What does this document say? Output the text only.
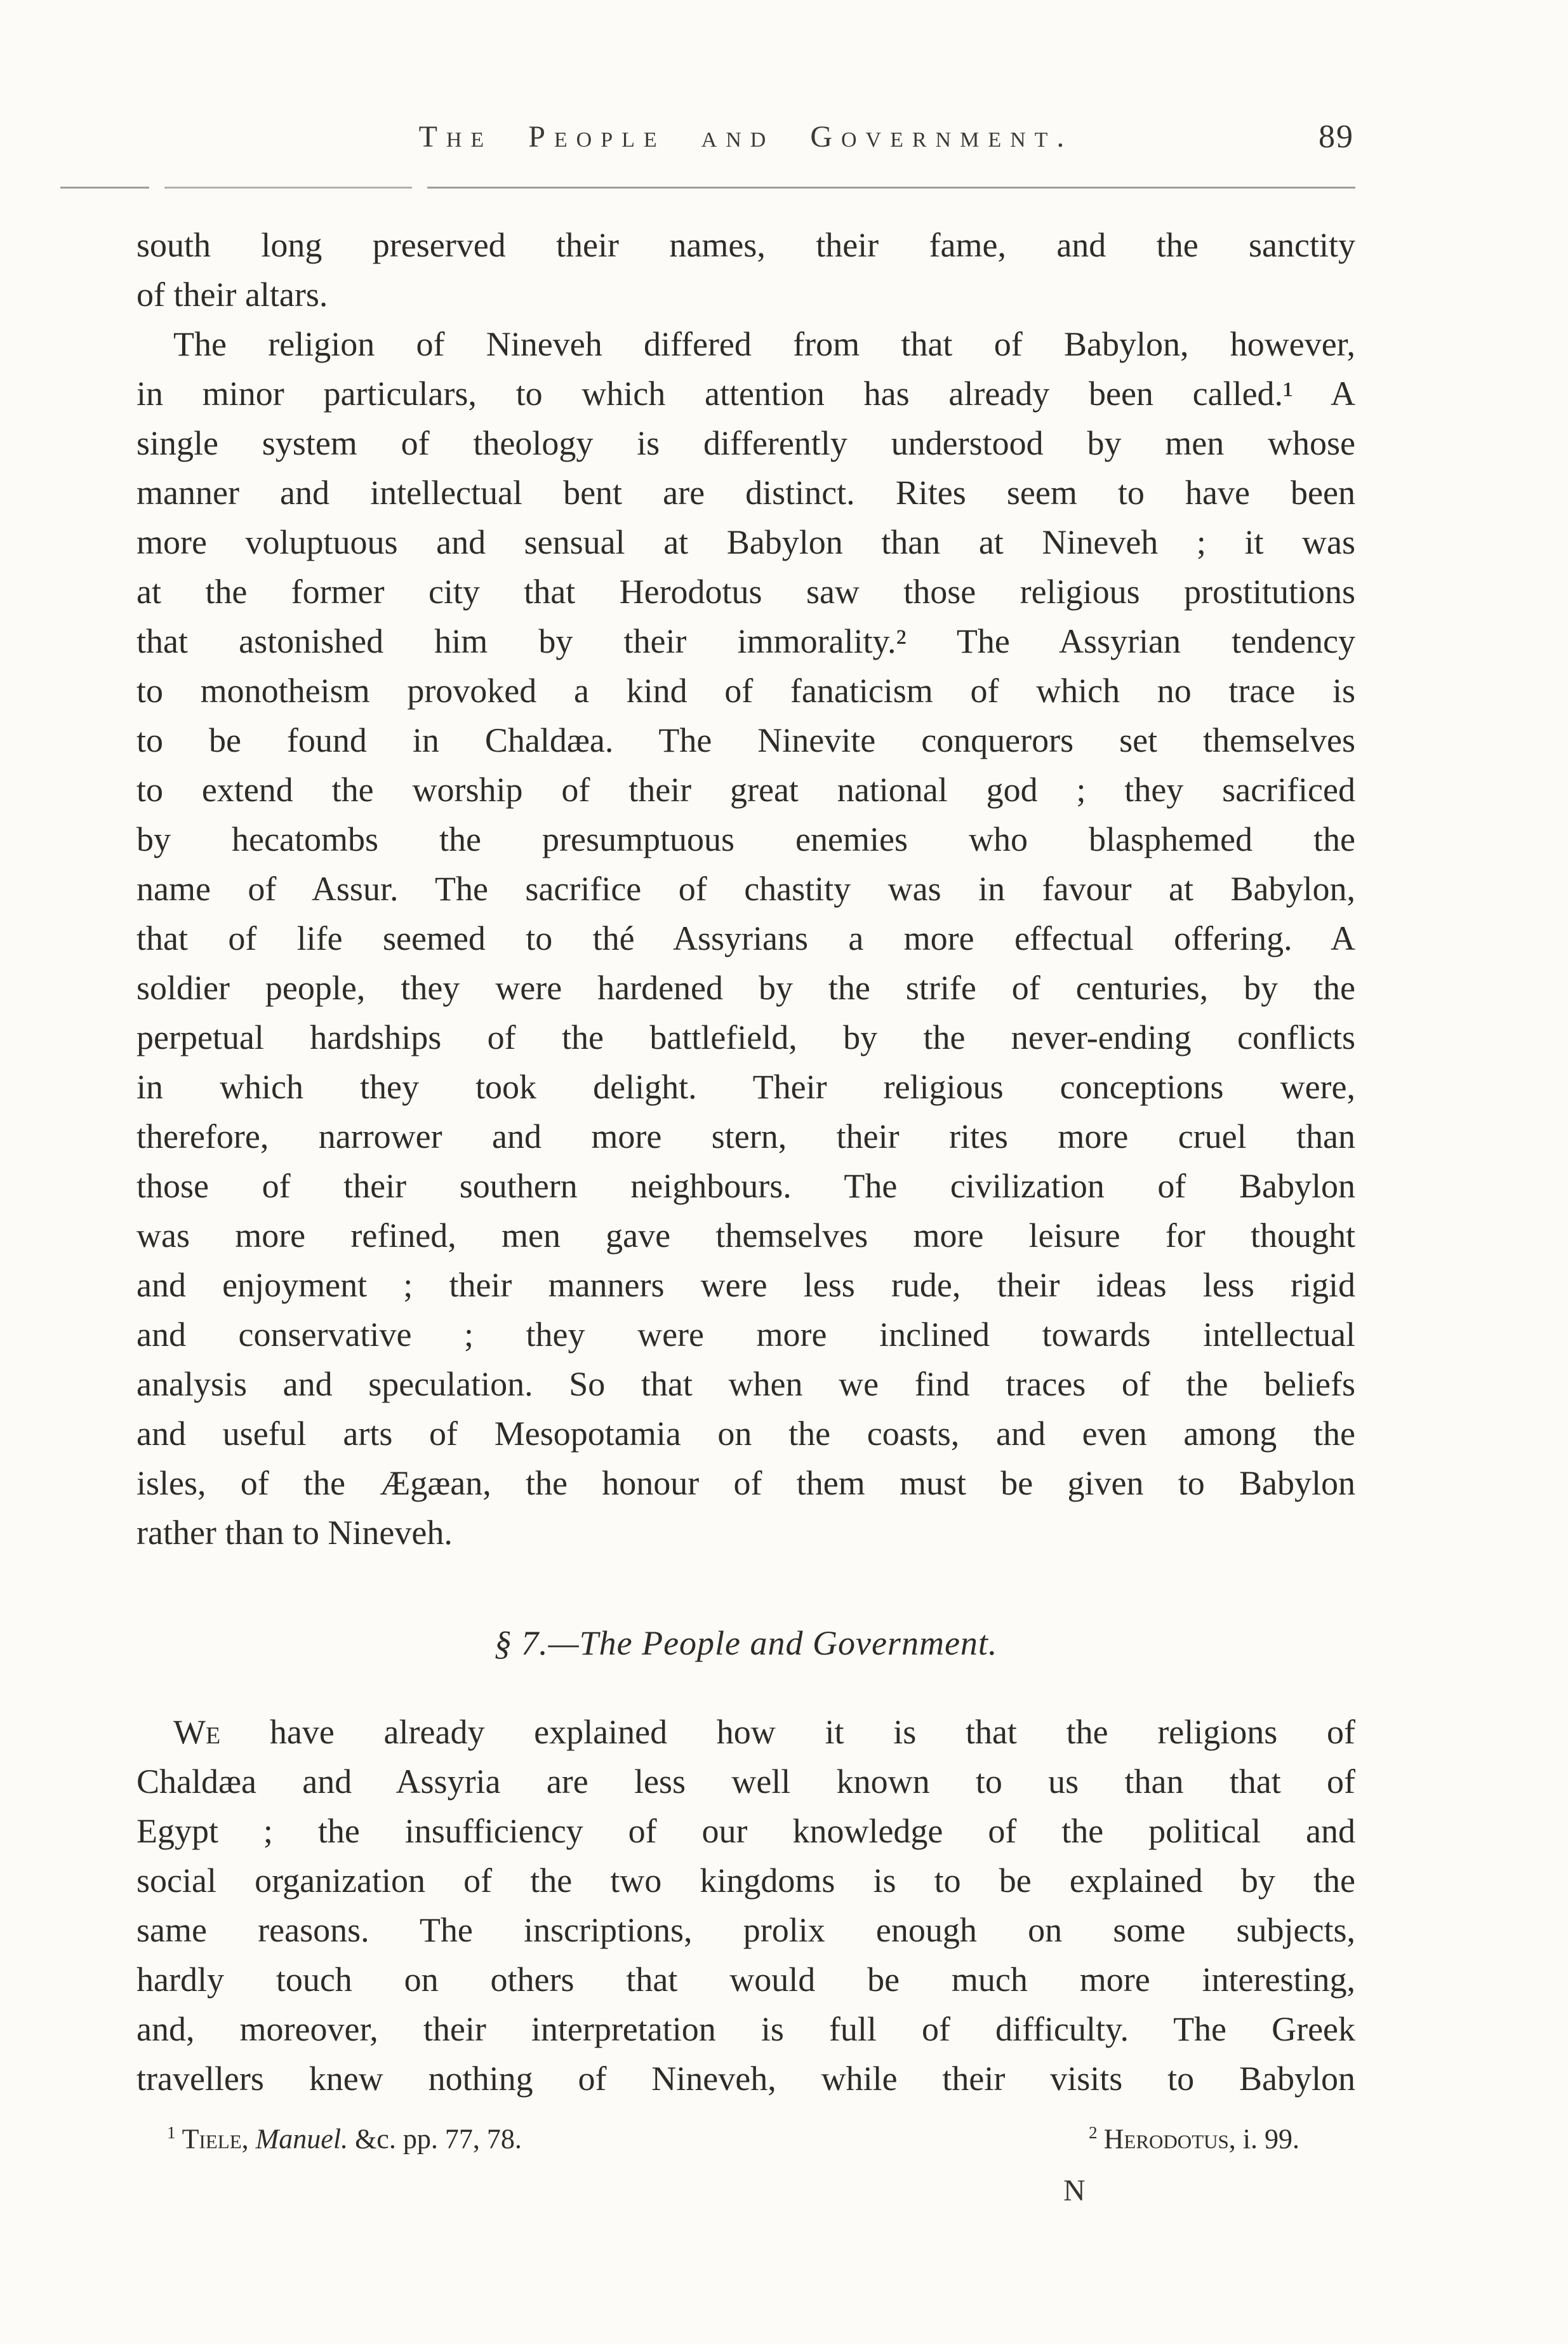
The People and Government.	89
south long preserved their names, their fame, and the sanctity
of their altars.
The religion of Nineveh differed from that of Babylon, however,
in minor particulars, to which attention has already been called.¹ A
single system of theology is differently understood by men whose
manner and intellectual bent are distinct. Rites seem to have been
more voluptuous and sensual at Babylon than at Nineveh ; it was
at the former city that Herodotus saw those religious prostitutions
that astonished him by their immorality.² The Assyrian tendency
to monotheism provoked a kind of fanaticism of which no trace is
to be found in Chaldæa. The Ninevite conquerors set themselves
to extend the worship of their great national god ; they sacrificed
by hecatombs the presumptuous enemies who blasphemed the
name of Assur. The sacrifice of chastity was in favour at Babylon,
that of life seemed to thé Assyrians a more effectual offering. A
soldier people, they were hardened by the strife of centuries, by the
perpetual hardships of the battlefield, by the never-ending conflicts
in which they took delight. Their religious conceptions were,
therefore, narrower and more stern, their rites more cruel than
those of their southern neighbours. The civilization of Babylon
was more refined, men gave themselves more leisure for thought
and enjoyment ; their manners were less rude, their ideas less rigid
and conservative ; they were more inclined towards intellectual
analysis and speculation. So that when we find traces of the beliefs
and useful arts of Mesopotamia on the coasts, and even among the
isles, of the Ægæan, the honour of them must be given to Babylon
rather than to Nineveh.
§ 7.—The People and Government.
We have already explained how it is that the religions of
Chaldæa and Assyria are less well known to us than that of
Egypt ; the insufficiency of our knowledge of the political and
social organization of the two kingdoms is to be explained by the
same reasons. The inscriptions, prolix enough on some subjects,
hardly touch on others that would be much more interesting,
and, moreover, their interpretation is full of difficulty. The Greek
travellers knew nothing of Nineveh, while their visits to Babylon
$^1$ Tiele, Manuel. &c. pp. 77, 78.	$^2$ Herodotus, i. 99.
N
